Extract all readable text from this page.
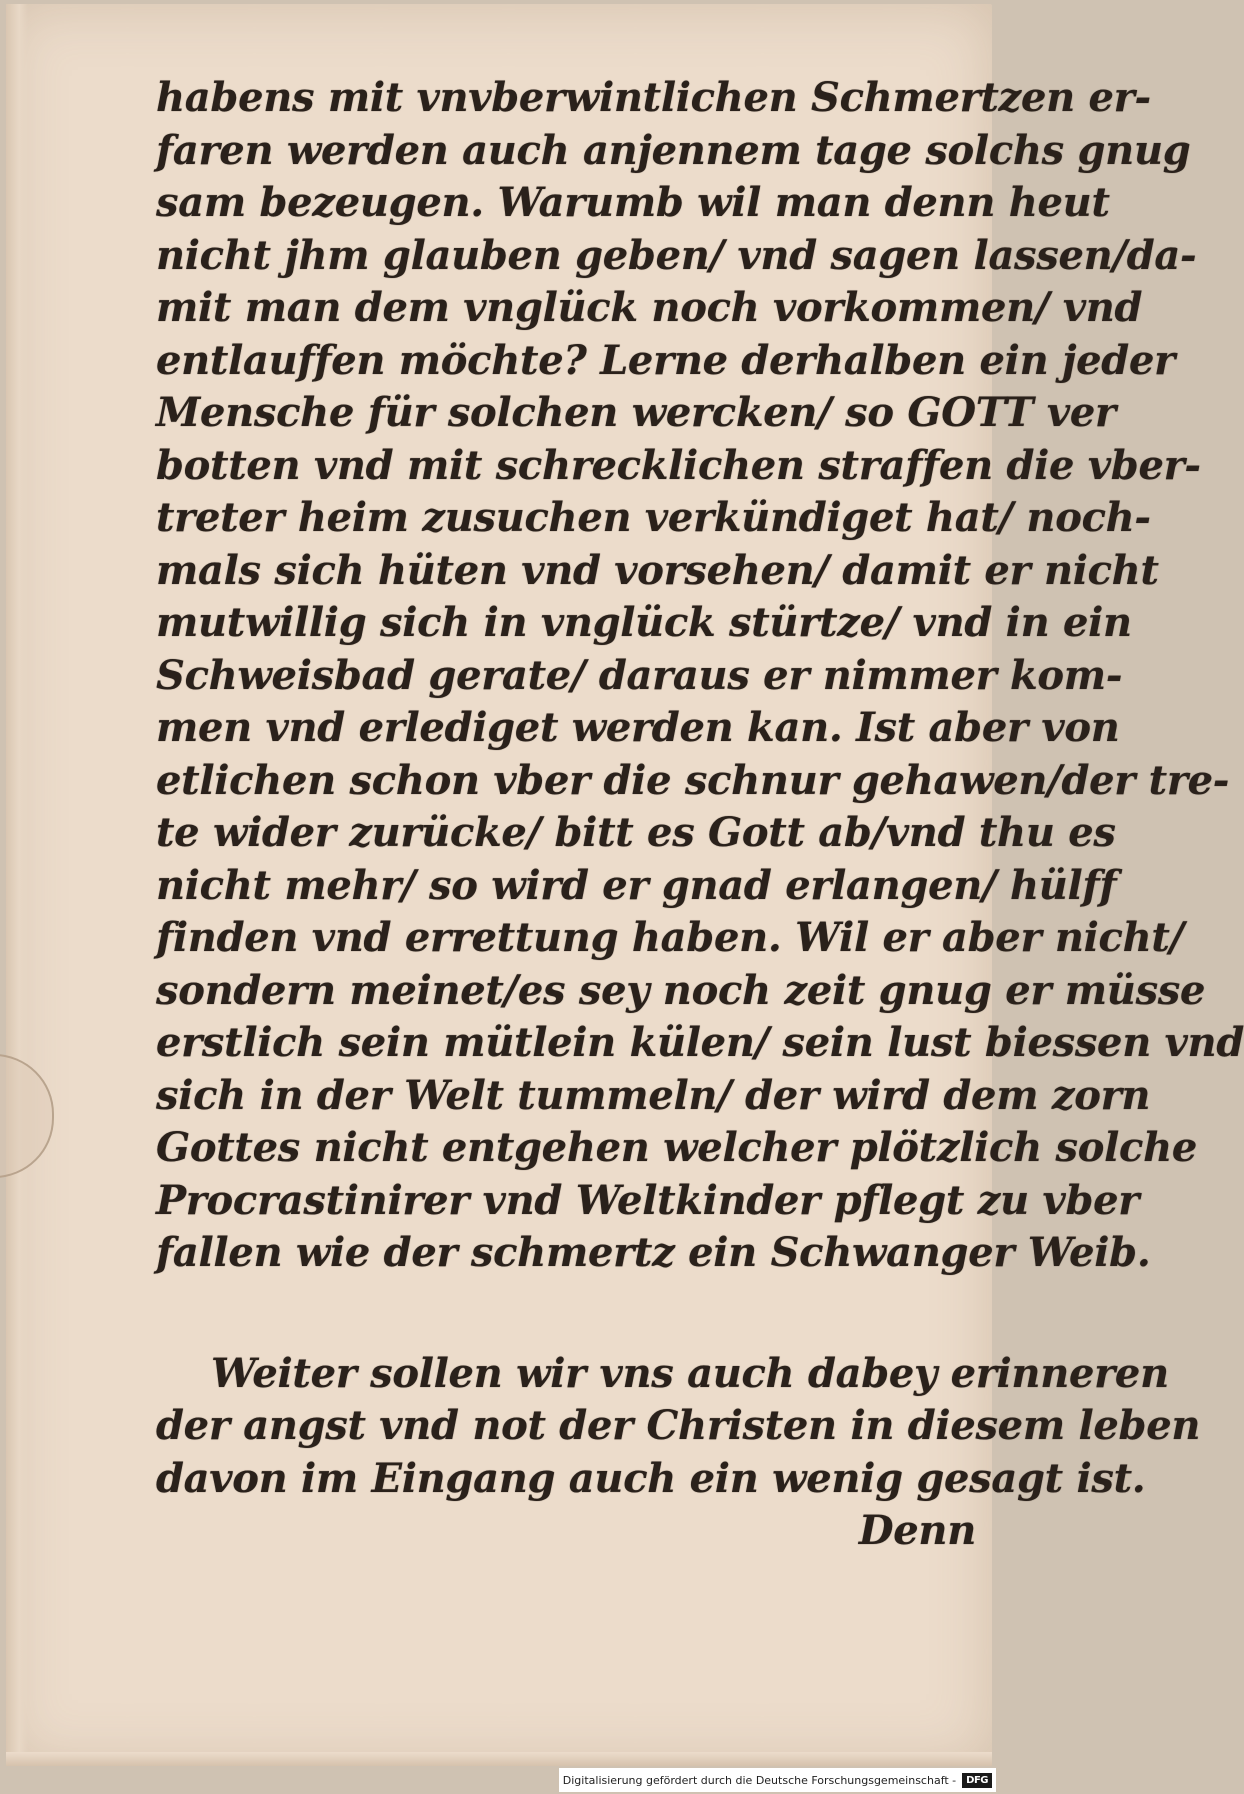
habens mit vnvberwintlichen Schmertzen er-
faren werden auch anjennem tage solchs gnug
sam bezeugen. Warumb wil man denn heut
nicht jhm glauben geben/ vnd sagen lassen/da-
mit man dem vnglück noch vorkommen/ vnd
entlauffen möchte? Lerne derhalben ein jeder
Mensche für solchen wercken/ so GOTT ver
botten vnd mit schrecklichen straffen die vber-
treter heim zusuchen verkündiget hat/ noch-
mals sich hüten vnd vorsehen/ damit er nicht
mutwillig sich in vnglück stürtze/ vnd in ein
Schweisbad gerate/ daraus er nimmer kom-
men vnd erlediget werden kan. Ist aber von
etlichen schon vber die schnur gehawen/der tre-
te wider zurücke/ bitt es Gott ab/vnd thu es
nicht mehr/ so wird er gnad erlangen/ hülff
finden vnd errettung haben. Wil er aber nicht/
sondern meinet/es sey noch zeit gnug er müsse
erstlich sein mütlein külen/ sein lust biessen vnd
sich in der Welt tummeln/ der wird dem zorn
Gottes nicht entgehen welcher plötzlich solche
Procrastinirer vnd Weltkinder pflegt zu vber
fallen wie der schmertz ein Schwanger Weib.
Weiter sollen wir vns auch dabey erinneren
der angst vnd not der Christen in diesem leben
davon im Eingang auch ein wenig gesagt ist.
Denn
Digitalisierung gefördert durch die Deutsche Forschungsgemeinschaft -	DFG
